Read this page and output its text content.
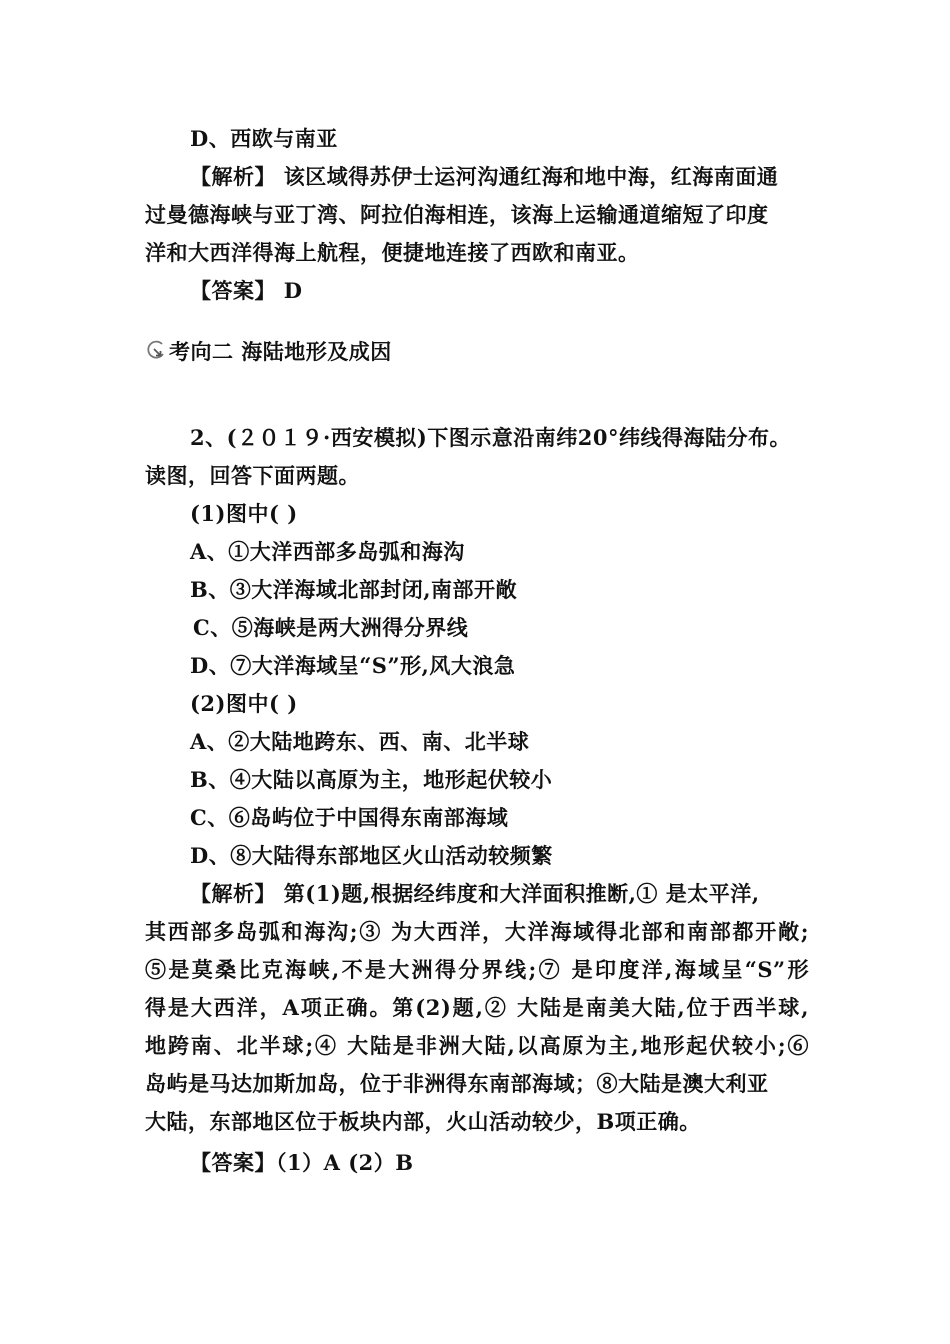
D、西欧与南亚
【解析】 该区域得苏伊士运河沟通红海和地中海，红海南面通
过曼德海峡与亚丁湾、阿拉伯海相连，该海上运输通道缩短了印度
洋和大西洋得海上航程，便捷地连接了西欧和南亚。
【答案】 D
考向二 海陆地形及成因
2、(２０１９·西安模拟)下图示意沿南纬20°纬线得海陆分布。
读图，回答下面两题。
(1)图中( )
A、①大洋西部多岛弧和海沟
B、③大洋海域北部封闭,南部开敞
C、⑤海峡是两大洲得分界线
D、⑦大洋海域呈“S”形,风大浪急
(2)图中( )
A、②大陆地跨东、西、南、北半球
B、④大陆以高原为主，地形起伏较小
C、⑥岛屿位于中国得东南部海域
D、⑧大陆得东部地区火山活动较频繁
【解析】 第(1)题,根据经纬度和大洋面积推断,① 是太平洋,
其西部多岛弧和海沟;③ 为大西洋，大洋海域得北部和南部都开敞;
⑤是莫桑比克海峡,不是大洲得分界线;⑦ 是印度洋,海域呈“S”形
得是大西洋，A项正确。第(2)题,② 大陆是南美大陆,位于西半球,
地跨南、北半球;④ 大陆是非洲大陆,以高原为主,地形起伏较小;⑥
岛屿是马达加斯加岛，位于非洲得东南部海域；⑧大陆是澳大利亚
大陆，东部地区位于板块内部，火山活动较少，B项正确。
【答案】（1）A (2）B
